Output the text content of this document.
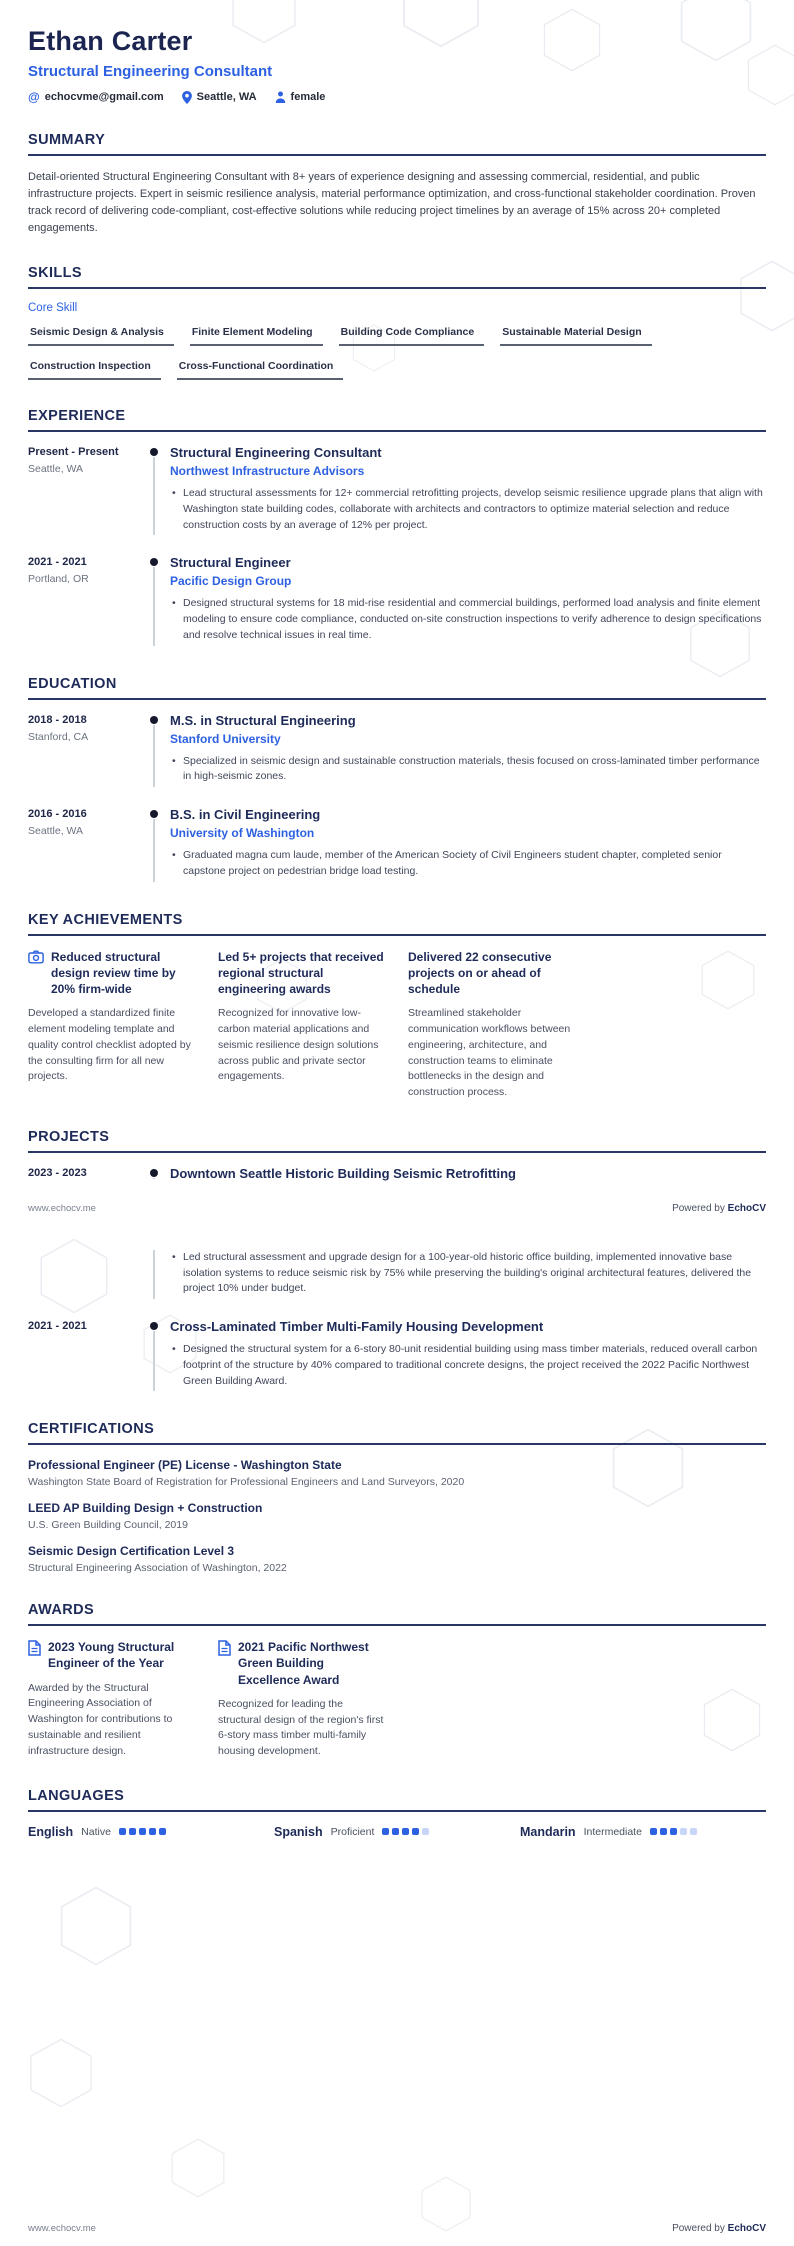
Ethan Carter
Structural Engineering Consultant
@ echocvme@gmail.com	Seattle, WA	female
SUMMARY
Detail-oriented Structural Engineering Consultant with 8+ years of experience designing and assessing commercial, residential, and public infrastructure projects. Expert in seismic resilience analysis, material performance optimization, and cross-functional stakeholder coordination. Proven track record of delivering code-compliant, cost-effective solutions while reducing project timelines by an average of 15% across 20+ completed engagements.
SKILLS
Core Skill
Seismic Design & Analysis	Finite Element Modeling	Building Code Compliance	Sustainable Material Design
Construction Inspection	Cross-Functional Coordination
EXPERIENCE
Present - Present
Seattle, WA
Structural Engineering Consultant
Northwest Infrastructure Advisors
• Lead structural assessments for 12+ commercial retrofitting projects, develop seismic resilience upgrade plans that align with Washington state building codes, collaborate with architects and contractors to optimize material selection and reduce construction costs by an average of 12% per project.
2021 - 2021
Portland, OR
Structural Engineer
Pacific Design Group
• Designed structural systems for 18 mid-rise residential and commercial buildings, performed load analysis and finite element modeling to ensure code compliance, conducted on-site construction inspections to verify adherence to design specifications and resolve technical issues in real time.
EDUCATION
2018 - 2018
Stanford, CA
M.S. in Structural Engineering
Stanford University
• Specialized in seismic design and sustainable construction materials, thesis focused on cross-laminated timber performance in high-seismic zones.
2016 - 2016
Seattle, WA
B.S. in Civil Engineering
University of Washington
• Graduated magna cum laude, member of the American Society of Civil Engineers student chapter, completed senior capstone project on pedestrian bridge load testing.
KEY ACHIEVEMENTS
Reduced structural design review time by 20% firm-wide
Developed a standardized finite element modeling template and quality control checklist adopted by the consulting firm for all new projects.
Led 5+ projects that received regional structural engineering awards
Recognized for innovative low-carbon material applications and seismic resilience design solutions across public and private sector engagements.
Delivered 22 consecutive projects on or ahead of schedule
Streamlined stakeholder communication workflows between engineering, architecture, and construction teams to eliminate bottlenecks in the design and construction process.
PROJECTS
2023 - 2023	Downtown Seattle Historic Building Seismic Retrofitting
www.echocv.me	Powered by EchoCV
• Led structural assessment and upgrade design for a 100-year-old historic office building, implemented innovative base isolation systems to reduce seismic risk by 75% while preserving the building's original architectural features, delivered the project 10% under budget.
2021 - 2021	Cross-Laminated Timber Multi-Family Housing Development
• Designed the structural system for a 6-story 80-unit residential building using mass timber materials, reduced overall carbon footprint of the structure by 40% compared to traditional concrete designs, the project received the 2022 Pacific Northwest Green Building Award.
CERTIFICATIONS
Professional Engineer (PE) License - Washington State
Washington State Board of Registration for Professional Engineers and Land Surveyors, 2020
LEED AP Building Design + Construction
U.S. Green Building Council, 2019
Seismic Design Certification Level 3
Structural Engineering Association of Washington, 2022
AWARDS
2023 Young Structural Engineer of the Year
Awarded by the Structural Engineering Association of Washington for contributions to sustainable and resilient infrastructure design.
2021 Pacific Northwest Green Building Excellence Award
Recognized for leading the structural design of the region's first 6-story mass timber multi-family housing development.
LANGUAGES
English Native	Spanish Proficient	Mandarin Intermediate
www.echocv.me	Powered by EchoCV
